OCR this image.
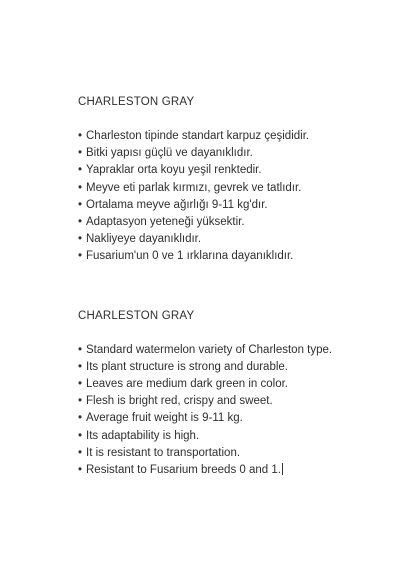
CHARLESTON GRAY
• Charleston tipinde standart karpuz çeşididir.
• Bitki yapısı güçlü ve dayanıklıdır.
• Yapraklar orta koyu yeşil renktedir.
• Meyve eti parlak kırmızı, gevrek ve tatlıdır.
• Ortalama meyve ağırlığı 9-11 kg'dır.
• Adaptasyon yeteneği yüksektir.
• Nakliyeye dayanıklıdır.
• Fusarium'un 0 ve 1 ırklarına dayanıklıdır.
CHARLESTON GRAY
• Standard watermelon variety of Charleston type.
• Its plant structure is strong and durable.
• Leaves are medium dark green in color.
• Flesh is bright red, crispy and sweet.
• Average fruit weight is 9-11 kg.
• Its adaptability is high.
• It is resistant to transportation.
• Resistant to Fusarium breeds 0 and 1.
